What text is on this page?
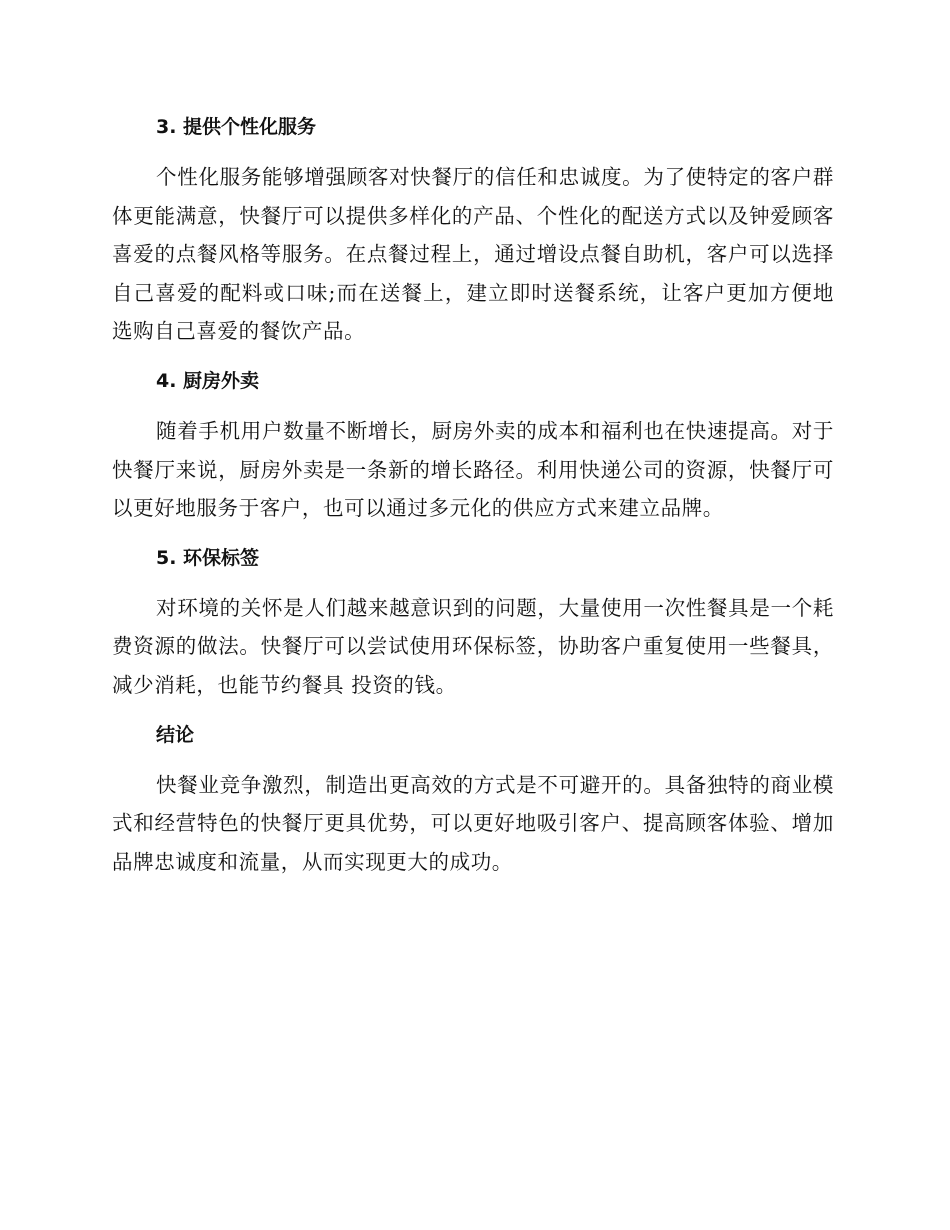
3. 提供个性化服务

个性化服务能够增强顾客对快餐厅的信任和忠诚度。为了使特定的客户群体更能满意，快餐厅可以提供多样化的产品、个性化的配送方式以及钟爱顾客喜爱的点餐风格等服务。在点餐过程上，通过增设点餐自助机，客户可以选择自己喜爱的配料或口味;而在送餐上，建立即时送餐系统，让客户更加方便地选购自己喜爱的餐饮产品。

4. 厨房外卖

随着手机用户数量不断增长，厨房外卖的成本和福利也在快速提高。对于快餐厅来说，厨房外卖是一条新的增长路径。利用快递公司的资源，快餐厅可以更好地服务于客户，也可以通过多元化的供应方式来建立品牌。

5. 环保标签

对环境的关怀是人们越来越意识到的问题，大量使用一次性餐具是一个耗费资源的做法。快餐厅可以尝试使用环保标签，协助客户重复使用一些餐具，减少消耗，也能节约餐具 投资的钱。

结论

快餐业竞争激烈，制造出更高效的方式是不可避开的。具备独特的商业模式和经营特色的快餐厅更具优势，可以更好地吸引客户、提高顾客体验、增加品牌忠诚度和流量，从而实现更大的成功。
